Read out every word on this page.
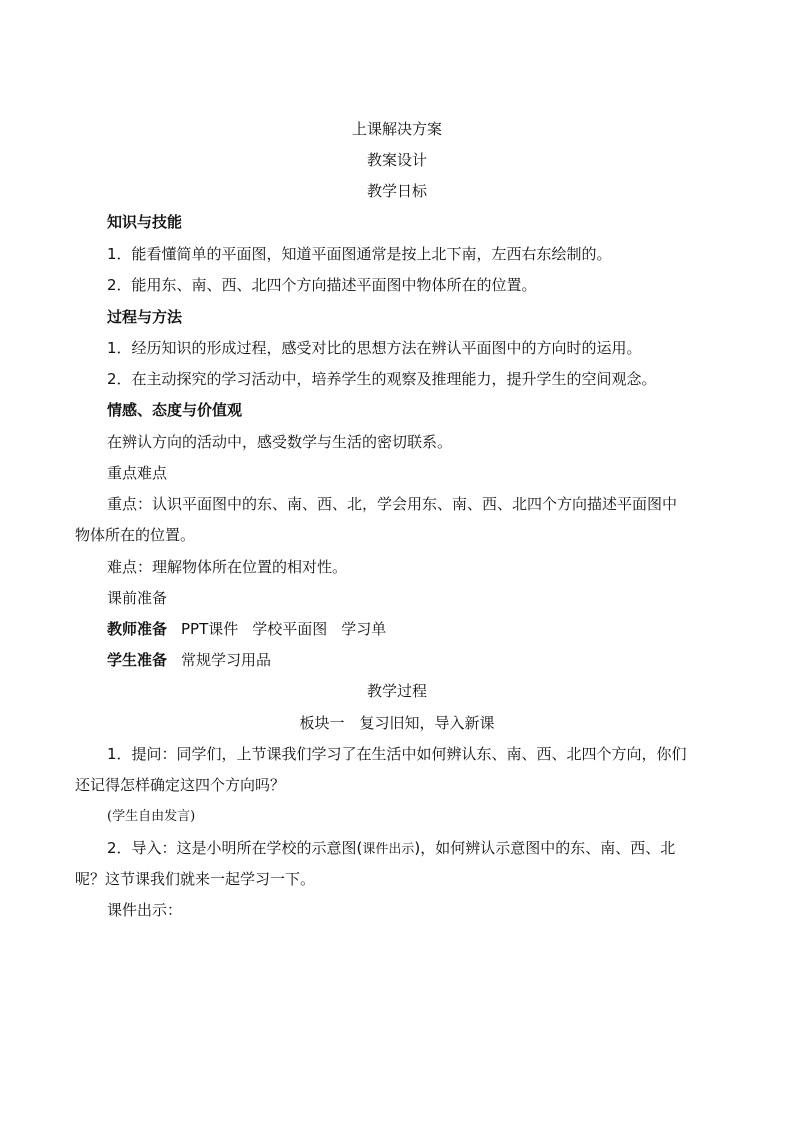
上课解决方案
教案设计
教学日标
知识与技能
1．能看懂简单的平面图，知道平面图通常是按上北下南，左西右东绘制的。
2．能用东、南、西、北四个方向描述平面图中物体所在的位置。
过程与方法
1．经历知识的形成过程，感受对比的思想方法在辨认平面图中的方向时的运用。
2．在主动探究的学习活动中，培养学生的观察及推理能力，提升学生的空间观念。
情感、态度与价值观
在辨认方向的活动中，感受数学与生活的密切联系。
重点难点
重点：认识平面图中的东、南、西、北，学会用东、南、西、北四个方向描述平面图中
物体所在的位置。
难点：理解物体所在位置的相对性。
课前准备
教师准备 PPT课件 学校平面图 学习单
学生准备 常规学习用品
教学过程
板块一　复习旧知，导入新课
1．提问：同学们，上节课我们学习了在生活中如何辨认东、南、西、北四个方向，你们
还记得怎样确定这四个方向吗？
(学生自由发言)
2．导入：这是小明所在学校的示意图(课件出示)，如何辨认示意图中的东、南、西、北
呢？这节课我们就来一起学习一下。
课件出示：
